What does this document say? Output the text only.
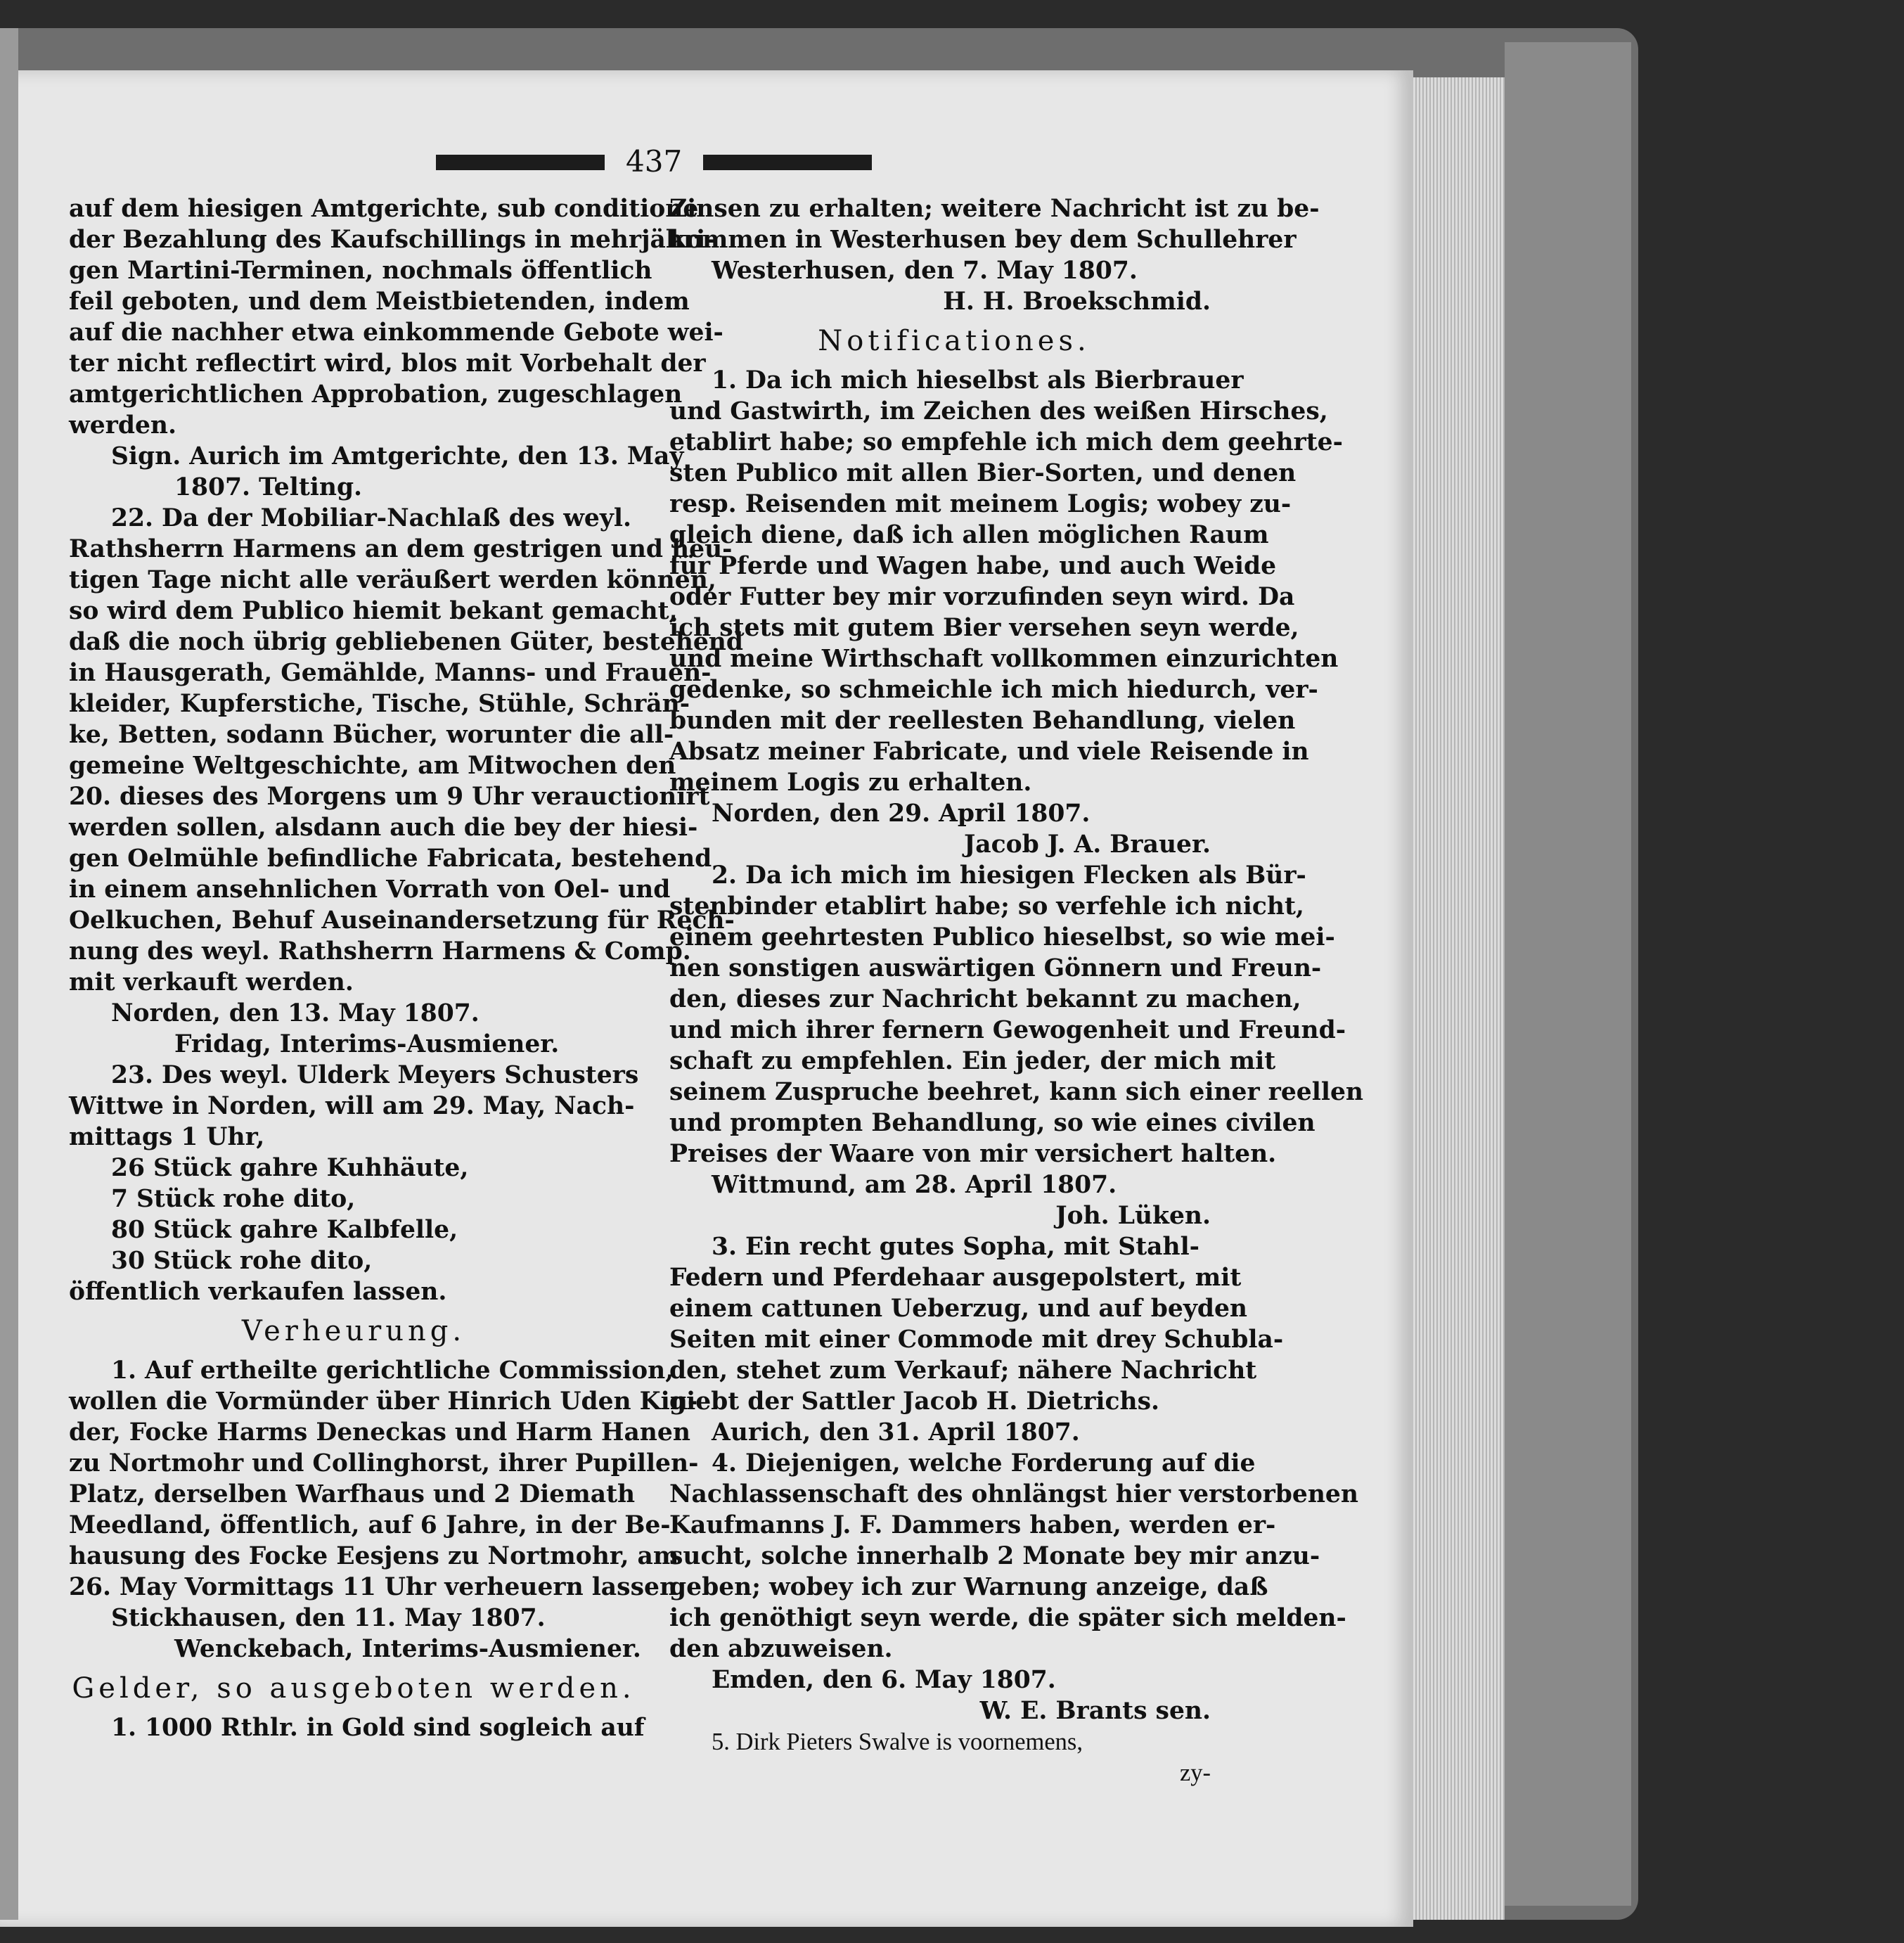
437
auf dem hiesigen Amtgerichte, sub conditione
der Bezahlung des Kaufschillings in mehrjähri-
gen Martini-Terminen, nochmals öffentlich
feil geboten, und dem Meistbietenden, indem
auf die nachher etwa einkommende Gebote wei-
ter nicht reflectirt wird, blos mit Vorbehalt der
amtgerichtlichen Approbation, zugeschlagen
werden.
Sign. Aurich im Amtgerichte, den 13. May
1807. Telting.
22. Da der Mobiliar-Nachlaß des weyl.
Rathsherrn Harmens an dem gestrigen und heu-
tigen Tage nicht alle veräußert werden können,
so wird dem Publico hiemit bekant gemacht,
daß die noch übrig gebliebenen Güter, bestehend
in Hausgerath, Gemählde, Manns- und Frauen-
kleider, Kupferstiche, Tische, Stühle, Schrän-
ke, Betten, sodann Bücher, worunter die all-
gemeine Weltgeschichte, am Mitwochen den
20. dieses des Morgens um 9 Uhr verauctionirt
werden sollen, alsdann auch die bey der hiesi-
gen Oelmühle befindliche Fabricata, bestehend
in einem ansehnlichen Vorrath von Oel- und
Oelkuchen, Behuf Auseinandersetzung für Rech-
nung des weyl. Rathsherrn Harmens & Comp.
mit verkauft werden.
Norden, den 13. May 1807.
Fridag, Interims-Ausmiener.
23. Des weyl. Ulderk Meyers Schusters
Wittwe in Norden, will am 29. May, Nach-
mittags 1 Uhr,
26 Stück gahre Kuhhäute,
7 Stück rohe dito,
80 Stück gahre Kalbfelle,
30 Stück rohe dito,
öffentlich verkaufen lassen.
Verheurung.
1. Auf ertheilte gerichtliche Commission,
wollen die Vormünder über Hinrich Uden Kin-
der, Focke Harms Deneckas und Harm Hanen
zu Nortmohr und Collinghorst, ihrer Pupillen-
Platz, derselben Warfhaus und 2 Diemath
Meedland, öffentlich, auf 6 Jahre, in der Be-
hausung des Focke Eesjens zu Nortmohr, am
26. May Vormittags 11 Uhr verheuern lassen.
Stickhausen, den 11. May 1807.
Wenckebach, Interims-Ausmiener.
Gelder, so ausgeboten werden.
1. 1000 Rthlr. in Gold sind sogleich auf
Zinsen zu erhalten; weitere Nachricht ist zu be-
kommen in Westerhusen bey dem Schullehrer
Westerhusen, den 7. May 1807.
H. H. Broekschmid.
Notificationes.
1. Da ich mich hieselbst als Bierbrauer
und Gastwirth, im Zeichen des weißen Hirsches,
etablirt habe; so empfehle ich mich dem geehrte-
sten Publico mit allen Bier-Sorten, und denen
resp. Reisenden mit meinem Logis; wobey zu-
gleich diene, daß ich allen möglichen Raum
für Pferde und Wagen habe, und auch Weide
oder Futter bey mir vorzufinden seyn wird. Da
ich stets mit gutem Bier versehen seyn werde,
und meine Wirthschaft vollkommen einzurichten
gedenke, so schmeichle ich mich hiedurch, ver-
bunden mit der reellesten Behandlung, vielen
Absatz meiner Fabricate, und viele Reisende in
meinem Logis zu erhalten.
Norden, den 29. April 1807.
Jacob J. A. Brauer.
2. Da ich mich im hiesigen Flecken als Bür-
stenbinder etablirt habe; so verfehle ich nicht,
einem geehrtesten Publico hieselbst, so wie mei-
nen sonstigen auswärtigen Gönnern und Freun-
den, dieses zur Nachricht bekannt zu machen,
und mich ihrer fernern Gewogenheit und Freund-
schaft zu empfehlen. Ein jeder, der mich mit
seinem Zuspruche beehret, kann sich einer reellen
und prompten Behandlung, so wie eines civilen
Preises der Waare von mir versichert halten.
Wittmund, am 28. April 1807.
Joh. Lüken.
3. Ein recht gutes Sopha, mit Stahl-
Federn und Pferdehaar ausgepolstert, mit
einem cattunen Ueberzug, und auf beyden
Seiten mit einer Commode mit drey Schubla-
den, stehet zum Verkauf; nähere Nachricht
giebt der Sattler Jacob H. Dietrichs.
Aurich, den 31. April 1807.
4. Diejenigen, welche Forderung auf die
Nachlassenschaft des ohnlängst hier verstorbenen
Kaufmanns J. F. Dammers haben, werden er-
sucht, solche innerhalb 2 Monate bey mir anzu-
geben; wobey ich zur Warnung anzeige, daß
ich genöthigt seyn werde, die später sich melden-
den abzuweisen.
Emden, den 6. May 1807.
W. E. Brants sen.
5. Dirk Pieters Swalve is voornemens,
zy-
